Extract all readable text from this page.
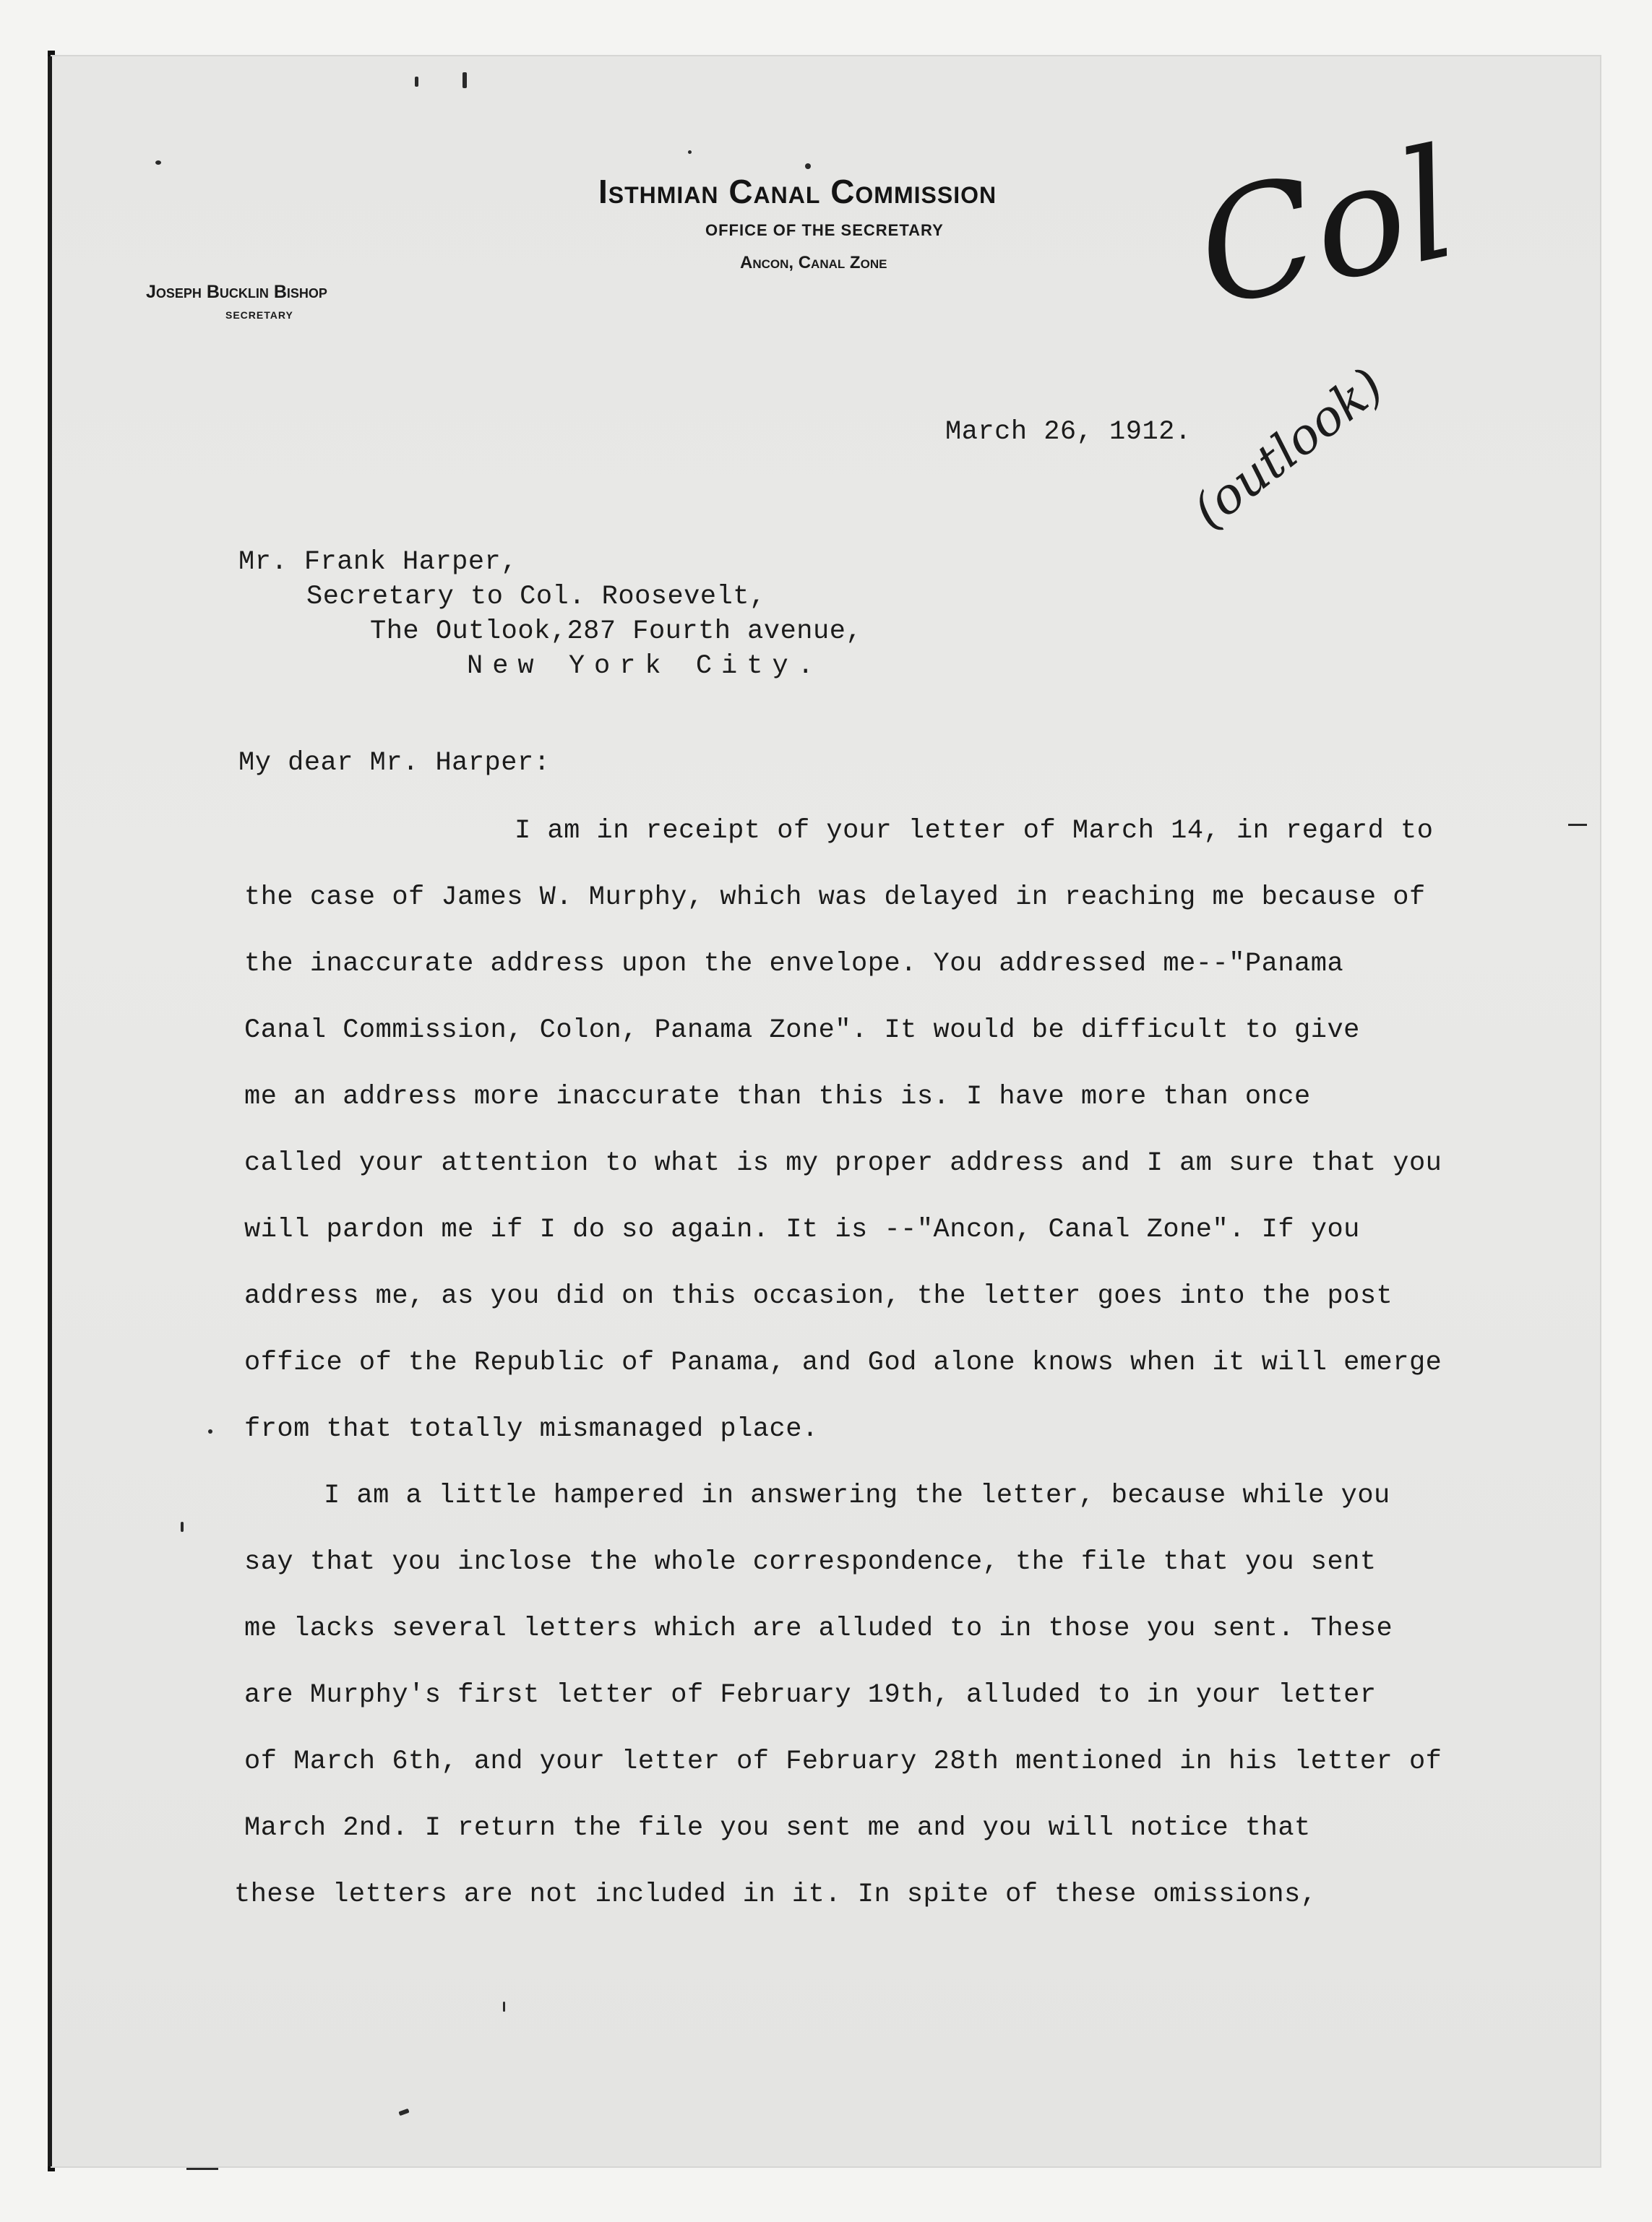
Isthmian Canal Commission
OFFICE OF THE SECRETARY
Ancon, Canal Zone
Joseph Bucklin Bishop
SECRETARY	Col
(outlook)
March 26, 1912.
Mr. Frank Harper,
Secretary to Col. Roosevelt,
The Outlook,287 Fourth avenue,
New York City.
My dear Mr. Harper:
I am in receipt of your letter of March 14, in regard to
the case of James W. Murphy, which was delayed in reaching me because of
the inaccurate address upon the envelope. You addressed me--"Panama
Canal Commission, Colon, Panama Zone". It would be difficult to give
me an address more inaccurate than this is. I have more than once
called your attention to what is my proper address and I am sure that you
will pardon me if I do so again. It is --"Ancon, Canal Zone". If you
address me, as you did on this occasion, the letter goes into the post
office of the Republic of Panama, and God alone knows when it will emerge
from that totally mismanaged place.
I am a little hampered in answering the letter, because while you
say that you inclose the whole correspondence, the file that you sent
me lacks several letters which are alluded to in those you sent. These
are Murphy's first letter of February 19th, alluded to in your letter
of March 6th, and your letter of February 28th mentioned in his letter of
March 2nd. I return the file you sent me and you will notice that
these letters are not included in it. In spite of these omissions,
